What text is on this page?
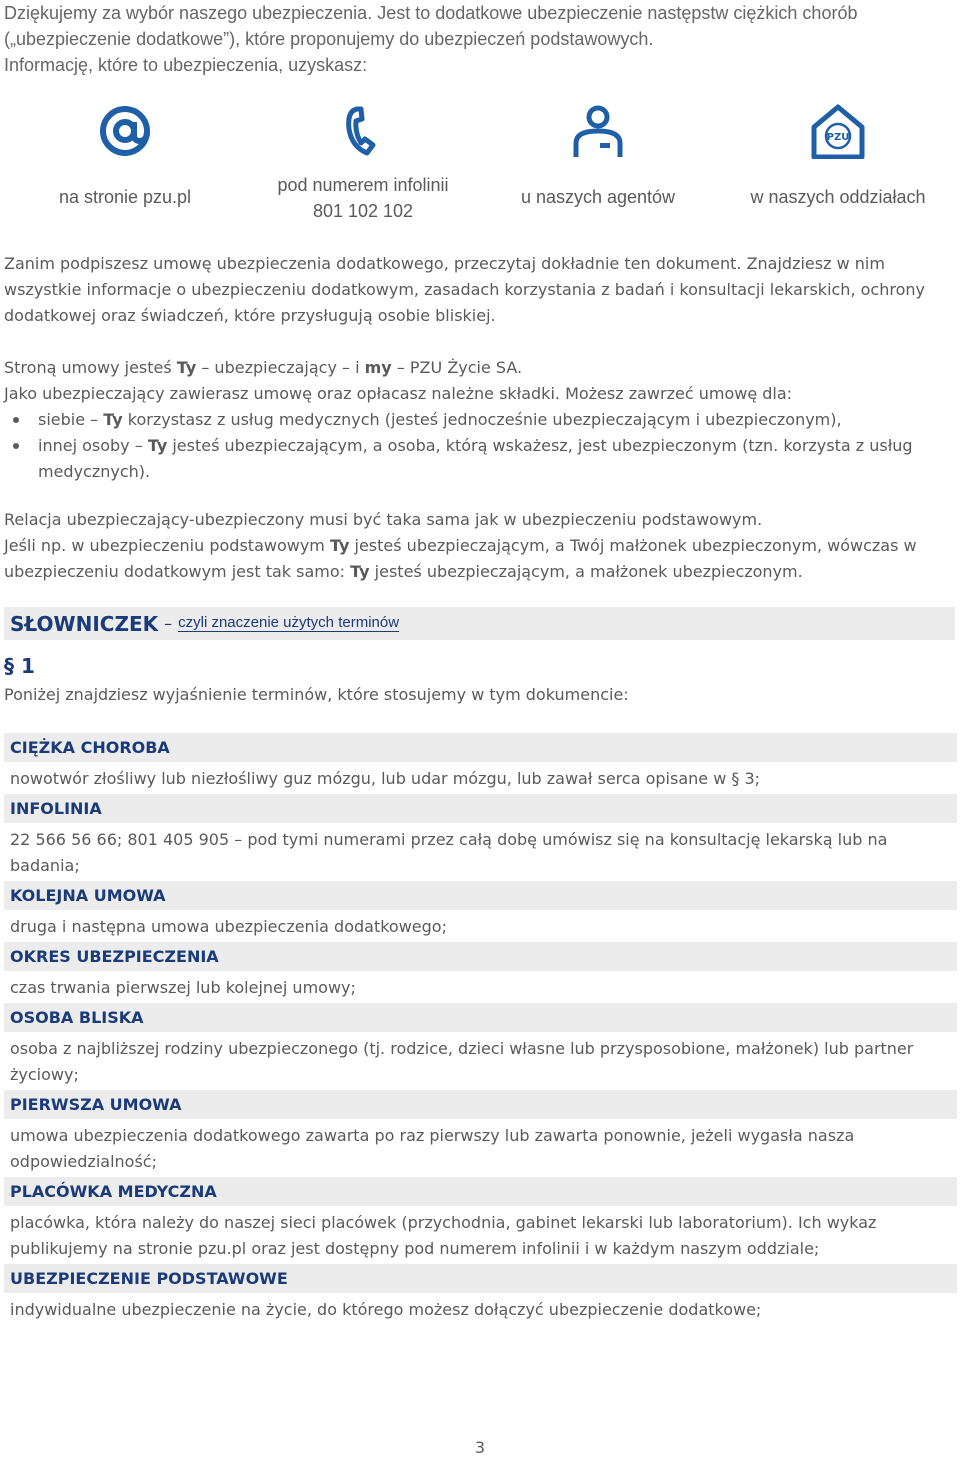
Dziękujemy za wybór naszego ubezpieczenia. Jest to dodatkowe ubezpieczenie następstw ciężkich chorób

(„ubezpieczenie dodatkowe”), które proponujemy do ubezpieczeń podstawowych.

Informację, które to ubezpieczenia, uzyskasz:

na stronie pzu.pl
pod numerem infolinii
801 102 102
u naszych agentów
PZU
w naszych oddziałach

Zanim podpiszesz umowę ubezpieczenia dodatkowego, przeczytaj dokładnie ten dokument. Znajdziesz w nim wszystkie informacje o ubezpieczeniu dodatkowym, zasadach korzystania z badań i konsultacji lekarskich, ochrony dodatkowej oraz świadczeń, które przysługują osobie bliskiej.

Stroną umowy jesteś Ty – ubezpieczający – i my – PZU Życie SA.

Jako ubezpieczający zawierasz umowę oraz opłacasz należne składki. Możesz zawrzeć umowę dla:

siebie – Ty korzystasz z usług medycznych (jesteś jednocześnie ubezpieczającym i ubezpieczonym),
innej osoby – Ty jesteś ubezpieczającym, a osoba, którą wskażesz, jest ubezpieczonym (tzn. korzysta z usług medycznych).

Relacja ubezpieczający-ubezpieczony musi być taka sama jak w ubezpieczeniu podstawowym.

Jeśli np. w ubezpieczeniu podstawowym Ty jesteś ubezpieczającym, a Twój małżonek ubezpieczonym, wówczas w ubezpieczeniu dodatkowym jest tak samo: Ty jesteś ubezpieczającym, a małżonek ubezpieczonym.

SŁOWNICZEK – czyli znaczenie użytych terminów
§ 1

Poniżej znajdziesz wyjaśnienie terminów, które stosujemy w tym dokumencie:

CIĘŻKA CHOROBA
nowotwór złośliwy lub niezłośliwy guz mózgu, lub udar mózgu, lub zawał serca opisane w § 3;
INFOLINIA
22 566 56 66; 801 405 905 – pod tymi numerami przez całą dobę umówisz się na konsultację lekarską lub na badania;
KOLEJNA UMOWA
druga i następna umowa ubezpieczenia dodatkowego;
OKRES UBEZPIECZENIA
czas trwania pierwszej lub kolejnej umowy;
OSOBA BLISKA
osoba z najbliższej rodziny ubezpieczonego (tj. rodzice, dzieci własne lub przysposobione, małżonek) lub partner życiowy;
PIERWSZA UMOWA
umowa ubezpieczenia dodatkowego zawarta po raz pierwszy lub zawarta ponownie, jeżeli wygasła nasza odpowiedzialność;
PLACÓWKA MEDYCZNA
placówka, która należy do naszej sieci placówek (przychodnia, gabinet lekarski lub laboratorium). Ich wykaz publikujemy na stronie pzu.pl oraz jest dostępny pod numerem infolinii i w każdym naszym oddziale;
UBEZPIECZENIE PODSTAWOWE
indywidualne ubezpieczenie na życie, do którego możesz dołączyć ubezpieczenie dodatkowe;
3
